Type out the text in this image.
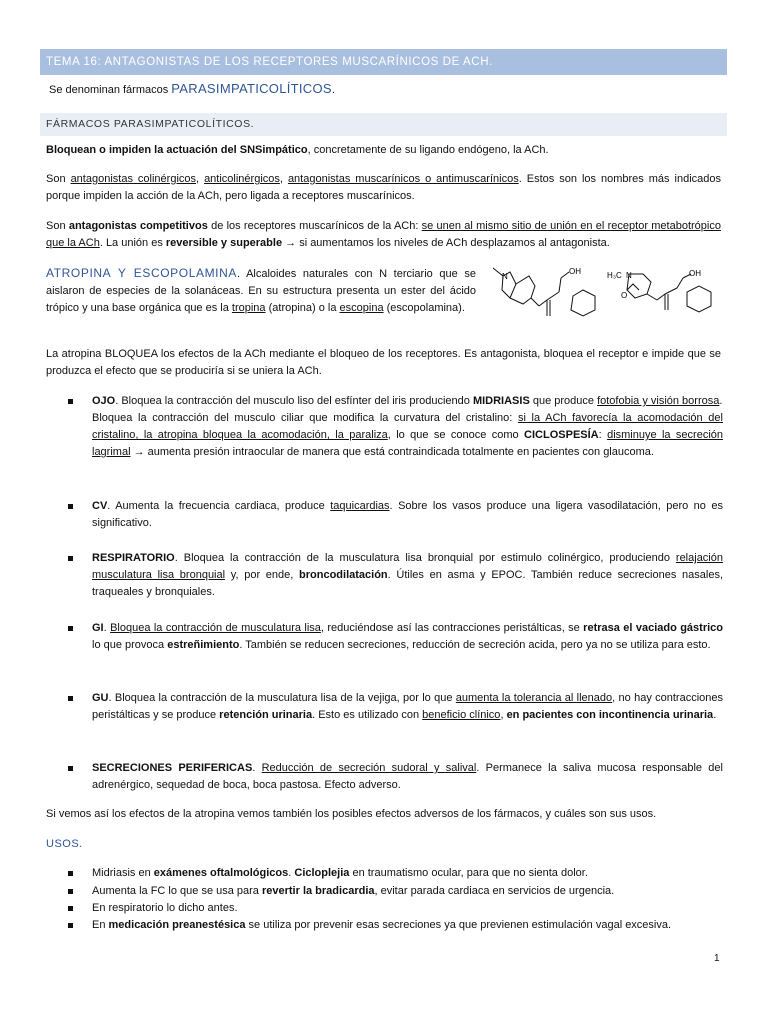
TEMA 16: ANTAGONISTAS DE LOS RECEPTORES MUSCARÍNICOS DE ACH.
Se denominan fármacos PARASIMPATICOLÍTICOS.
FÁRMACOS PARASIMPATICOLÍTICOS.
Bloquean o impiden la actuación del SNSimpático, concretamente de su ligando endógeno, la ACh.
Son antagonistas colinérgicos, anticolinérgicos, antagonistas muscarínicos o antimuscarínicos. Estos son los nombres más indicados porque impiden la acción de la ACh, pero ligada a receptores muscarínicos.
Son antagonistas competitivos de los receptores muscarínicos de la ACh: se unen al mismo sitio de unión en el receptor metabotrópico que la ACh. La unión es reversible y superable → si aumentamos los niveles de ACh desplazamos al antagonista.
ATROPINA Y ESCOPOLAMINA. Alcaloides naturales con N terciario que se aislaron de especies de la solanáceas. En su estructura presenta un ester del ácido trópico y una base orgánica que es la tropina (atropina) o la escopina (escopolamina).
N
OH	H₃C N
O
OH
La atropina BLOQUEA los efectos de la ACh mediante el bloqueo de los receptores. Es antagonista, bloquea el receptor e impide que se produzca el efecto que se produciría si se uniera la ACh.
OJO. Bloquea la contracción del musculo liso del esfínter del iris produciendo MIDRIASIS que produce fotofobia y visión borrosa.
Bloquea la contracción del musculo ciliar que modifica la curvatura del cristalino: si la ACh favorecía la acomodación del cristalino, la atropina bloquea la acomodación, la paraliza, lo que se conoce como CICLOSPESÍA: disminuye la secreción lagrimal → aumenta presión intraocular de manera que está contraindicada totalmente en pacientes con glaucoma.
CV. Aumenta la frecuencia cardiaca, produce taquicardias. Sobre los vasos produce una ligera vasodilatación, pero no es significativo.
RESPIRATORIO. Bloquea la contracción de la musculatura lisa bronquial por estimulo colinérgico, produciendo relajación musculatura lisa bronquial y, por ende, broncodilatación. Útiles en asma y EPOC. También reduce secreciones nasales, traqueales y bronquiales.
GI. Bloquea la contracción de musculatura lisa, reduciéndose así las contracciones peristálticas, se retrasa el vaciado gástrico lo que provoca estreñimiento. También se reducen secreciones, reducción de secreción acida, pero ya no se utiliza para esto.
GU. Bloquea la contracción de la musculatura lisa de la vejiga, por lo que aumenta la tolerancia al llenado, no hay contracciones peristálticas y se produce retención urinaria. Esto es utilizado con beneficio clínico, en pacientes con incontinencia urinaria.
SECRECIONES PERIFERICAS. Reducción de secreción sudoral y salival. Permanece la saliva mucosa responsable del adrenérgico, sequedad de boca, boca pastosa. Efecto adverso.
Si vemos así los efectos de la atropina vemos también los posibles efectos adversos de los fármacos, y cuáles son sus usos.
USOS.
Midriasis en exámenes oftalmológicos. Cicloplejia en traumatismo ocular, para que no sienta dolor.
Aumenta la FC lo que se usa para revertir la bradicardia, evitar parada cardiaca en servicios de urgencia.
En respiratorio lo dicho antes.
En medicación preanestésica se utiliza por prevenir esas secreciones ya que previenen estimulación vagal excesiva.
1
